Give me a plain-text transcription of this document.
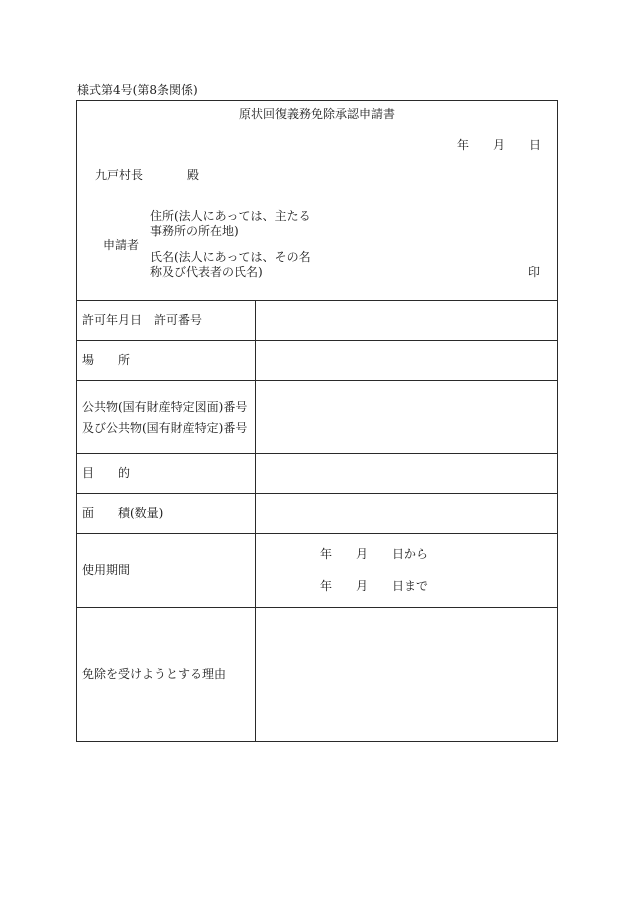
様式第4号(第8条関係)
原状回復義務免除承認申請書
年　　月　　日
九戸村長	殿
住所(法人にあっては、主たる
事務所の所在地)
申請者
氏名(法人にあっては、その名
称及び代表者の氏名)	印
許可年月日　許可番号
場　　所
公共物(国有財産特定図面)番号
及び公共物(国有財産特定)番号
目　　的
面　　積(数量)
使用期間
年　　月　　日から
年　　月　　日まで
免除を受けようとする理由
